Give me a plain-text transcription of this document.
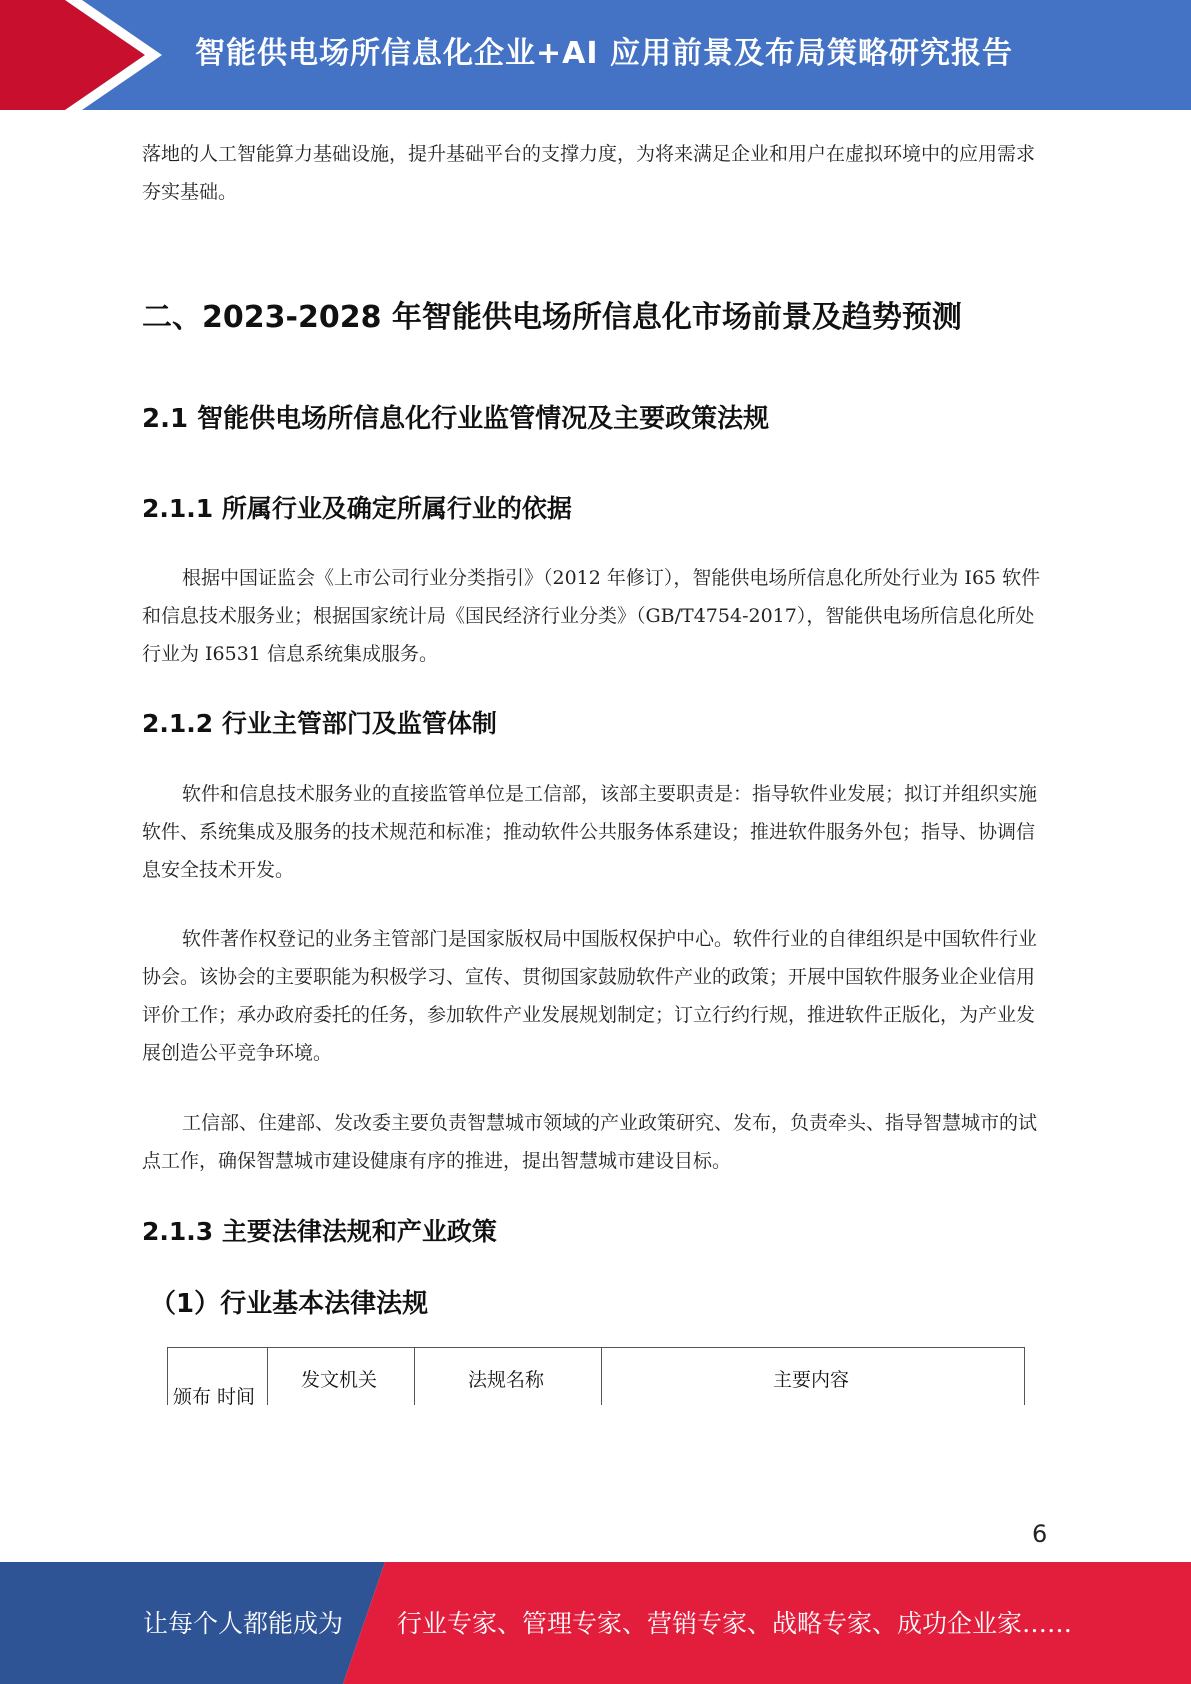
智能供电场所信息化企业+AI 应用前景及布局策略研究报告
落地的人工智能算力基础设施，提升基础平台的支撑力度，为将来满足企业和用户在虚拟环境中的应用需求夯实基础。
二、2023-2028 年智能供电场所信息化市场前景及趋势预测
2.1 智能供电场所信息化行业监管情况及主要政策法规
2.1.1 所属行业及确定所属行业的依据
根据中国证监会《上市公司行业分类指引》（2012 年修订），智能供电场所信息化所处行业为 I65 软件和信息技术服务业；根据国家统计局《国民经济行业分类》（GB/T4754-2017），智能供电场所信息化所处行业为 I6531 信息系统集成服务。
2.1.2 行业主管部门及监管体制
软件和信息技术服务业的直接监管单位是工信部，该部主要职责是：指导软件业发展；拟订并组织实施软件、系统集成及服务的技术规范和标准；推动软件公共服务体系建设；推进软件服务外包；指导、协调信息安全技术开发。
软件著作权登记的业务主管部门是国家版权局中国版权保护中心。软件行业的自律组织是中国软件行业协会。该协会的主要职能为积极学习、宣传、贯彻国家鼓励软件产业的政策；开展中国软件服务业企业信用评价工作；承办政府委托的任务，参加软件产业发展规划制定；订立行约行规，推进软件正版化，为产业发展创造公平竞争环境。
工信部、住建部、发改委主要负责智慧城市领域的产业政策研究、发布，负责牵头、指导智慧城市的试点工作，确保智慧城市建设健康有序的推进，提出智慧城市建设目标。
2.1.3 主要法律法规和产业政策
（1）行业基本法律法规
颁布 时间
发文机关	法规名称	主要内容
6
让每个人都能成为 行业专家、管理专家、营销专家、战略专家、成功企业家……
